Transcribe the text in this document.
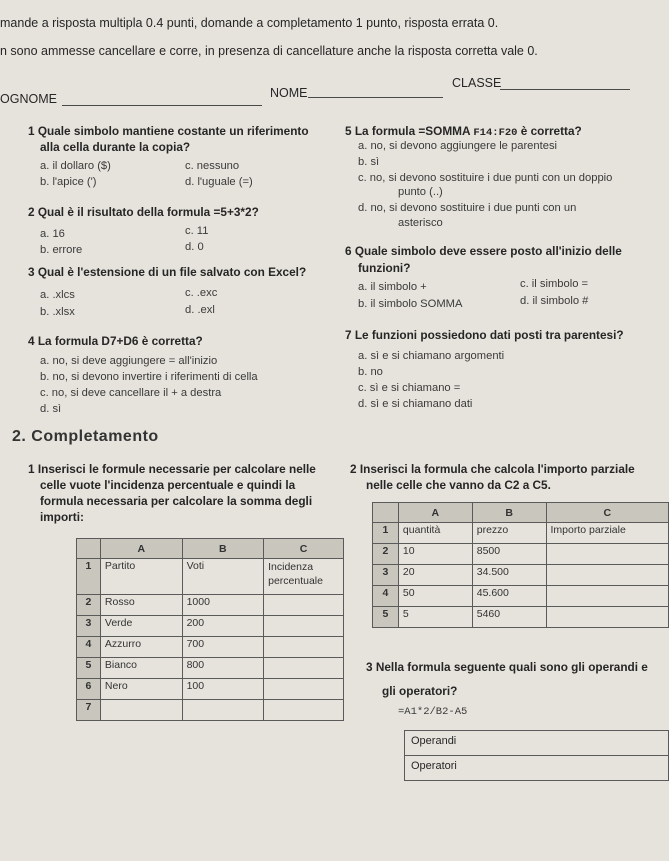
mande a risposta multipla 0.4 punti, domande a completamento 1 punto, risposta errata 0.
n sono ammesse cancellare e corre, in presenza di cancellature anche la risposta corretta vale 0.
OGNOME	NOME
CLASSE
1 Quale simbolo mantiene costante un riferimento
alla cella durante la copia?
a. il dollaro ($)
b. l'apice (')
c. nessuno
d. l'uguale (=)
2 Qual è il risultato della formula =5+3*2?
a. 16
b. errore
c. 11
d. 0
3 Qual è l'estensione di un file salvato con Excel?
a. .xlcs
b. .xlsx
c. .exc
d. .exl
4 La formula D7+D6 è corretta?
a. no, si deve aggiungere = all'inizio
b. no, si devono invertire i riferimenti di cella
c. no, si deve cancellare il + a destra
d. sì
5 La formula =SOMMA F14:F20 è corretta?
a. no, si devono aggiungere le parentesi
b. sì
c. no, si devono sostituire i due punti con un doppio
punto (..)
d. no, si devono sostituire i due punti con un
asterisco
6 Quale simbolo deve essere posto all'inizio delle
funzioni?
a. il simbolo +
b. il simbolo SOMMA
c. il simbolo =
d. il simbolo #
7 Le funzioni possiedono dati posti tra parentesi?
a. sì e si chiamano argomenti
b. no
c. sì e si chiamano =
d. sì e si chiamano dati
2. Completamento
1 Inserisci le formule necessarie per calcolare nelle
celle vuote l'incidenza percentuale e quindi la
formula necessaria per calcolare la somma degli
importi:
	A	B	C
1	Partito	Voti	Incidenza percentuale
2	Rosso	1000	
3	Verde	200	
4	Azzurro	700	
5	Bianco	800	
6	Nero	100	
7			
2 Inserisci la formula che calcola l'importo parziale
nelle celle che vanno da C2 a C5.
	A	B	C
1	quantità	prezzo	Importo parziale
2	10	8500	
3	20	34.500	
4	50	45.600	
5	5	5460	
3 Nella formula seguente quali sono gli operandi e
gli operatori?
=A1*2/B2-A5
Operandi
Operatori
